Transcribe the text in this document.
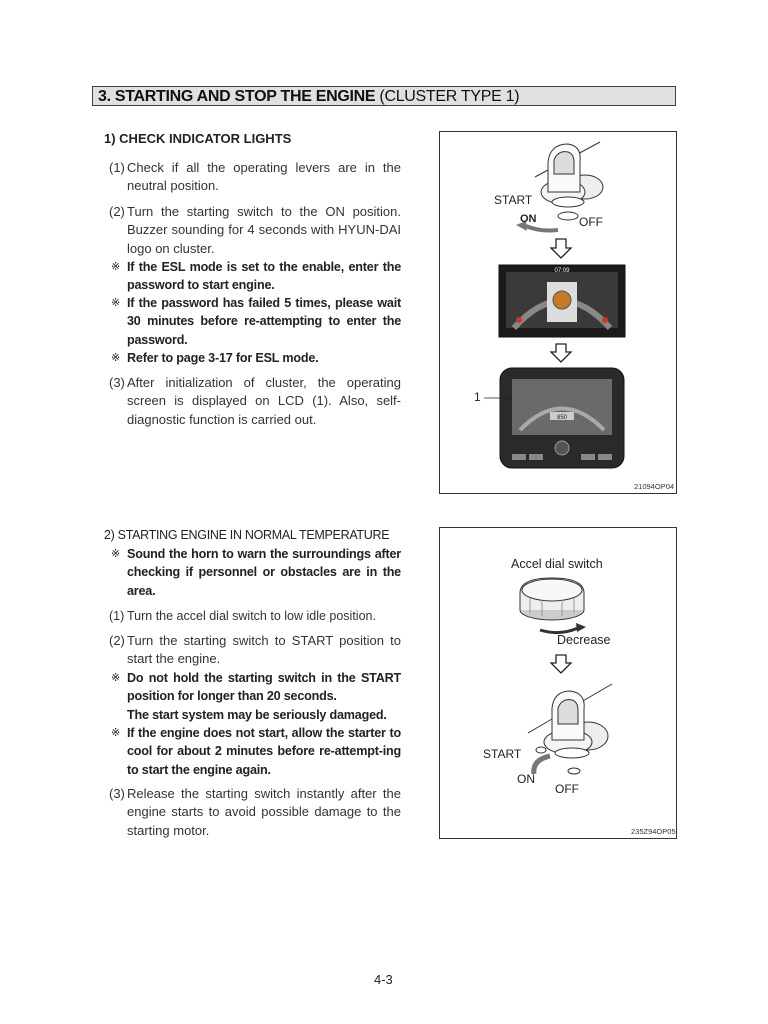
3. STARTING AND STOP THE ENGINE (CLUSTER TYPE 1)
1) CHECK INDICATOR LIGHTS
(1) Check if all the operating levers are in the neutral position.
(2) Turn the starting switch to the ON position. Buzzer sounding for 4 seconds with HYUN-DAI logo on cluster.
※ If the ESL mode is set to the enable, enter the password to start engine.
※ If the password has failed 5 times, please wait 30 minutes before re-attempting to enter the password.
※ Refer to page 3-17 for ESL mode.
(3) After initialization of cluster, the operating screen is displayed on LCD (1). Also, self-diagnostic function is carried out.
07:09
850
START
ON	OFF
1
21094OP04
2) STARTING ENGINE IN NORMAL TEMPERATURE
※ Sound the horn to warn the surroundings after checking if personnel or obstacles are in the area.
(1) Turn the accel dial switch to low idle position.
(2) Turn the starting switch to START position to start the engine.
※ Do not hold the starting switch in the START position for longer than 20 seconds.
The start system may be seriously damaged.
※ If the engine does not start, allow the starter to cool for about 2 minutes before re-attempt-ing to start the engine again.
(3) Release the starting switch instantly after the engine starts to avoid possible damage to the starting motor.
Accel dial switch
Decrease
START
ON
OFF
235Z94OP05
4-3
